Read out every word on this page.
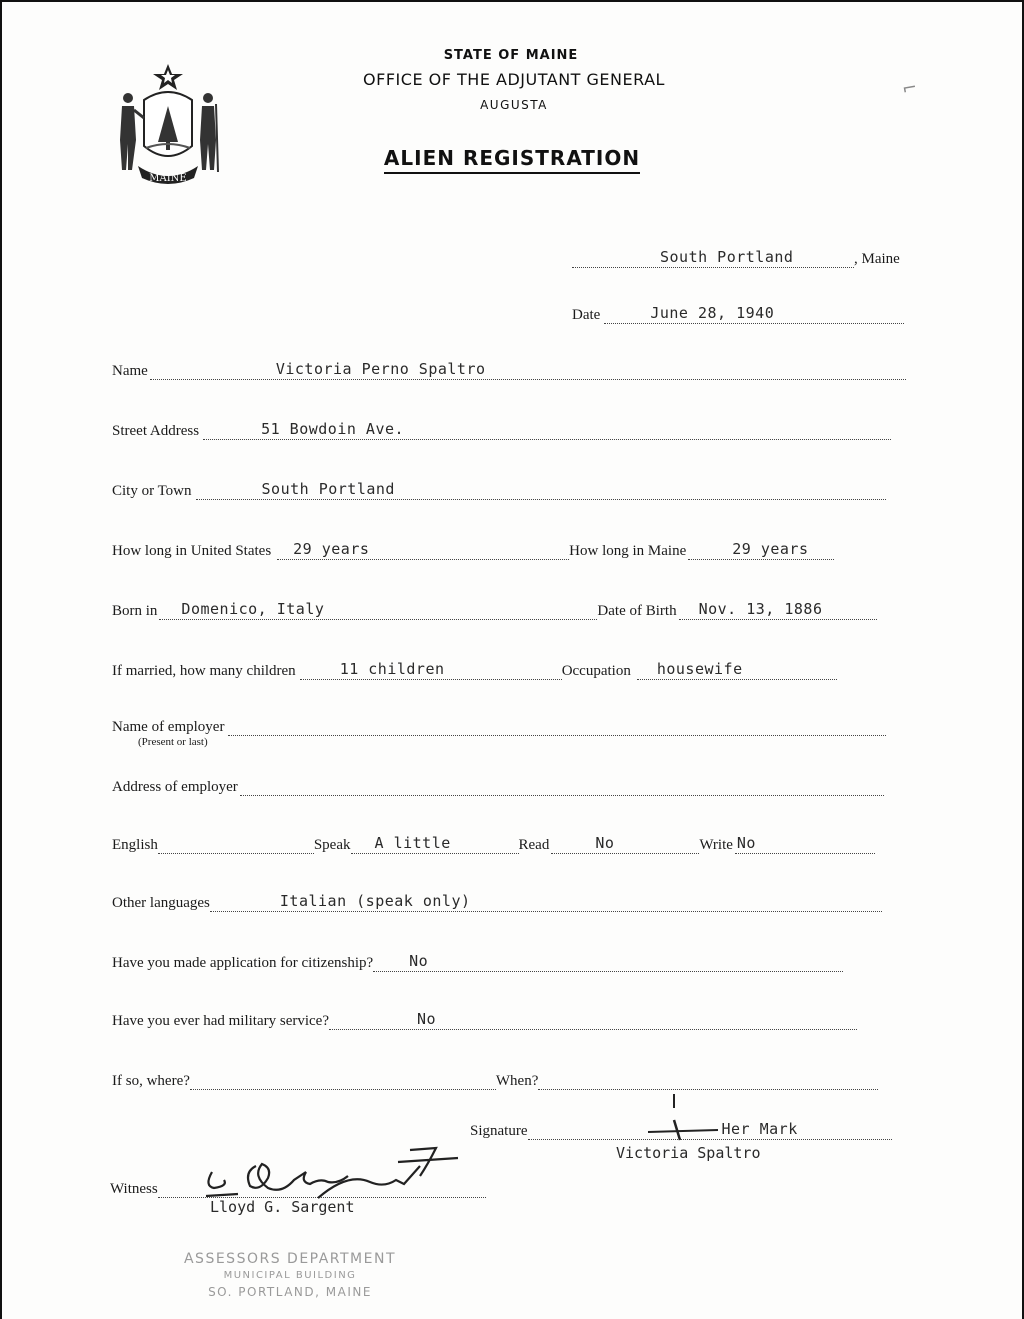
MAINE
STATE OF MAINE
OFFICE OF THE ADJUTANT GENERAL
AUGUSTA
ALIEN REGISTRATION
⌐
South Portland	, Maine
Date	June 28, 1940
Name	Victoria Perno Spaltro
Street Address	51 Bowdoin Ave.
City or Town	South Portland
How long in United States 29 years	How long in Maine	29 years
Born in Domenico, Italy	Date of Birth Nov. 13, 1886
If married, how many children	11 children	Occupation housewife
Name of employer
(Present or last)
Address of employer
English	Speak A little	Read	No	Write No
Other languages	Italian (speak only)
Have you made application for citizenship? No
Have you ever had military service?	No
If so, where?	When?
Signature	Her Mark
Victoria Spaltro
Witness
Lloyd G. Sargent
ASSESSORS DEPARTMENT
MUNICIPAL BUILDING
SO. PORTLAND, MAINE
